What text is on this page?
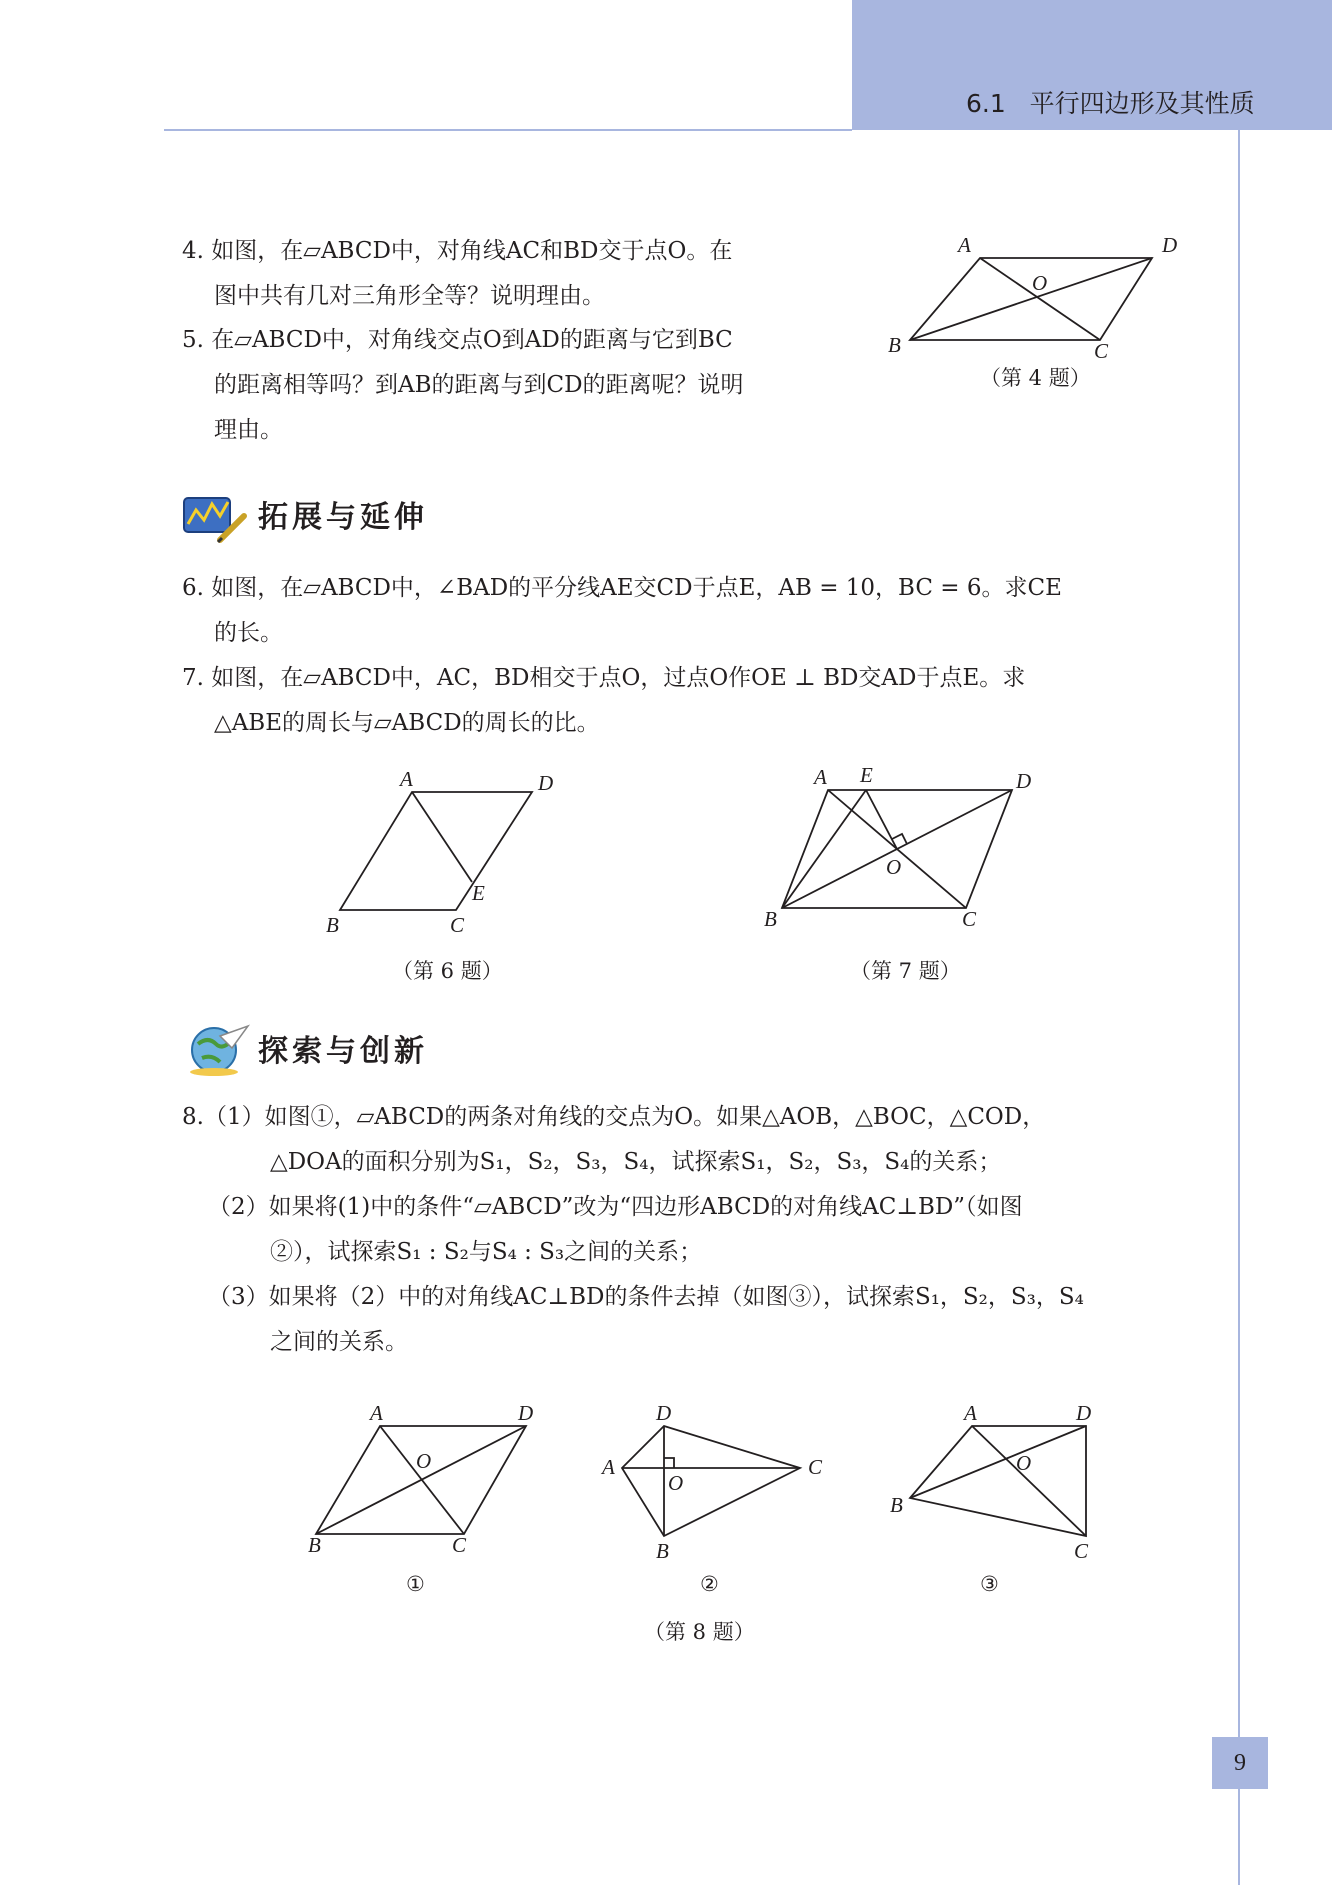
6.1 平行四边形及其性质
4. 如图，在▱ABCD中，对角线AC和BD交于点O。在
图中共有几对三角形全等？说明理由。
5. 在▱ABCD中，对角线交点O到AD的距离与它到BC
的距离相等吗？到AB的距离与到CD的距离呢？说明
理由。
A	D
O
B	C
（第 4 题）
拓展与延伸
6. 如图，在▱ABCD中，∠BAD的平分线AE交CD于点E，AB = 10，BC = 6。求CE
的长。
7. 如图，在▱ABCD中，AC，BD相交于点O，过点O作OE ⊥ BD交AD于点E。求
△ABE的周长与▱ABCD的周长的比。
A	D
E
B	C
（第 6 题）
A E	D
O
B	C
（第 7 题）
探索与创新
8.（1）如图①，▱ABCD的两条对角线的交点为O。如果△AOB，△BOC，△COD，
△DOA的面积分别为S₁，S₂，S₃，S₄，试探索S₁，S₂，S₃，S₄的关系；
（2）如果将(1)中的条件“▱ABCD”改为“四边形ABCD的对角线AC⊥BD”（如图
②），试探索S₁ : S₂与S₄ : S₃之间的关系；
（3）如果将（2）中的对角线AC⊥BD的条件去掉（如图③），试探索S₁，S₂，S₃，S₄
之间的关系。
A	D
O
B	C
①
D
A
O
C
B
②
A	D
O
B
C
③
（第 8 题）
9
